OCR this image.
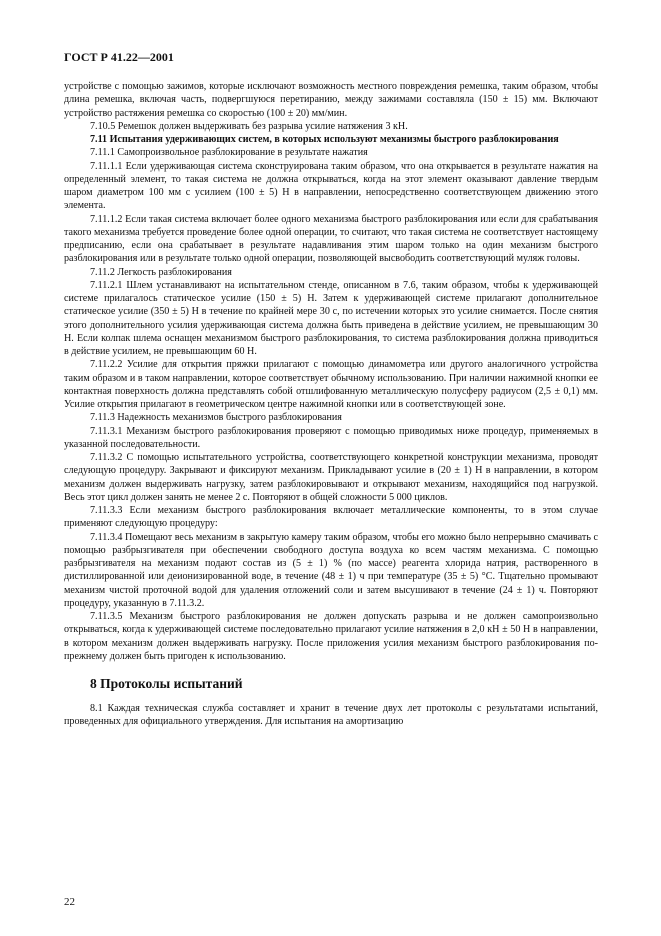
ГОСТ Р 41.22—2001

устройстве с помощью зажимов, которые исключают возможность местного повреждения ремешка, таким образом, чтобы длина ремешка, включая часть, подвергшуюся перетиранию, между зажимами составляла (150 ± 15) мм. Включают устройство растяжения ремешка со скоростью (100 ± 20) мм/мин.

7.10.5 Ремешок должен выдерживать без разрыва усилие натяжения 3 кН.

7.11 Испытания удерживающих систем, в которых используют механизмы быстрого разблокирования

7.11.1 Самопроизвольное разблокирование в результате нажатия

7.11.1.1 Если удерживающая система сконструирована таким образом, что она открывается в результате нажатия на определенный элемент, то такая система не должна открываться, когда на этот элемент оказывают давление твердым шаром диаметром 100 мм с усилием (100 ± 5) Н в направлении, непосредственно соответствующем движению этого элемента.

7.11.1.2 Если такая система включает более одного механизма быстрого разблокирования или если для срабатывания такого механизма требуется проведение более одной операции, то считают, что такая система не соответствует настоящему предписанию, если она срабатывает в результате надавливания этим шаром только на один механизм быстрого разблокирования или в результате только одной операции, позволяющей высвободить соответствующий муляж головы.

7.11.2 Легкость разблокирования

7.11.2.1 Шлем устанавливают на испытательном стенде, описанном в 7.6, таким образом, чтобы к удерживающей системе прилагалось статическое усилие (150 ± 5) Н. Затем к удерживающей системе прилагают дополнительное статическое усилие (350 ± 5) Н в течение по крайней мере 30 с, по истечении которых это усилие снимается. После снятия этого дополнительного усилия удерживающая система должна быть приведена в действие усилием, не превышающим 30 Н. Если колпак шлема оснащен механизмом быстрого разблокирования, то система разблокирования должна приводиться в действие усилием, не превышающим 60 Н.

7.11.2.2 Усилие для открытия пряжки прилагают с помощью динамометра или другого аналогичного устройства таким образом и в таком направлении, которое соответствует обычному использованию. При наличии нажимной кнопки ее контактная поверхность должна представлять собой отшлифованную металлическую полусферу радиусом (2,5 ± 0,1) мм. Усилие открытия прилагают в геометрическом центре нажимной кнопки или в соответствующей зоне.

7.11.3 Надежность механизмов быстрого разблокирования

7.11.3.1 Механизм быстрого разблокирования проверяют с помощью приводимых ниже процедур, применяемых в указанной последовательности.

7.11.3.2 С помощью испытательного устройства, соответствующего конкретной конструкции механизма, проводят следующую процедуру. Закрывают и фиксируют механизм. Прикладывают усилие в (20 ± 1) Н в направлении, в котором механизм должен выдерживать нагрузку, затем разблокировывают и открывают механизм, находящийся под нагрузкой. Весь этот цикл должен занять не менее 2 с. Повторяют в общей сложности 5 000 циклов.

7.11.3.3 Если механизм быстрого разблокирования включает металлические компоненты, то в этом случае применяют следующую процедуру:

7.11.3.4 Помещают весь механизм в закрытую камеру таким образом, чтобы его можно было непрерывно смачивать с помощью разбрызгивателя при обеспечении свободного доступа воздуха ко всем частям механизма. С помощью разбрызгивателя на механизм подают состав из (5 ± 1) % (по массе) реагента хлорида натрия, растворенного в дистиллированной или деионизированной воде, в течение (48 ± 1) ч при температуре (35 ± 5) °С. Тщательно промывают механизм чистой проточной водой для удаления отложений соли и затем высушивают в течение (24 ± 1) ч. Повторяют процедуру, указанную в 7.11.3.2.

7.11.3.5 Механизм быстрого разблокирования не должен допускать разрыва и не должен самопроизвольно открываться, когда к удерживающей системе последовательно прилагают усилие натяжения в 2,0 кН ± 50 Н в направлении, в котором механизм должен выдерживать нагрузку. После приложения усилия механизм быстрого разблокирования по-прежнему должен быть пригоден к использованию.

8 Протоколы испытаний

8.1 Каждая техническая служба составляет и хранит в течение двух лет протоколы с результатами испытаний, проведенных для официального утверждения. Для испытания на амортизацию

22
